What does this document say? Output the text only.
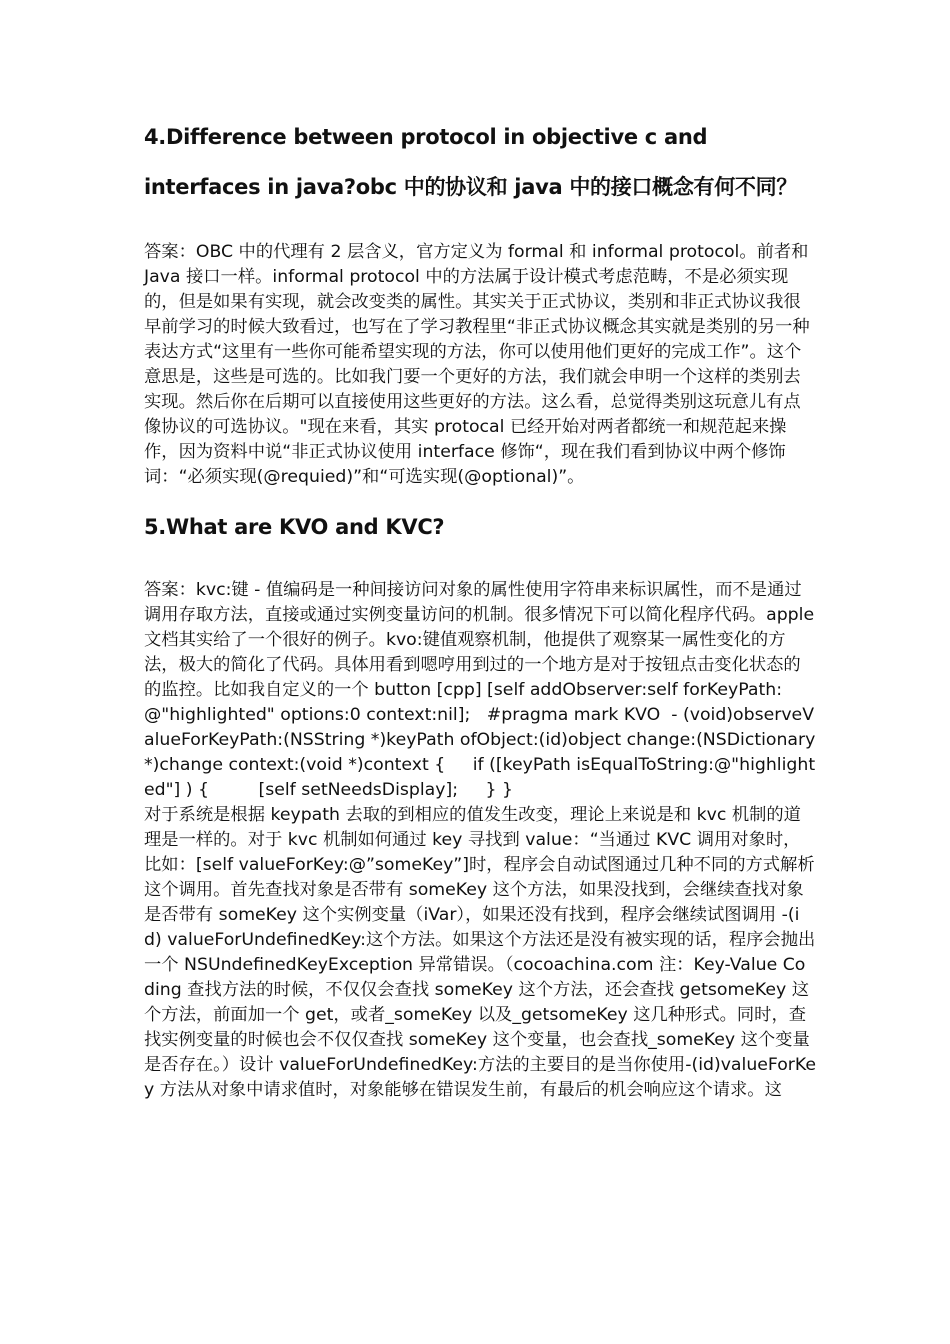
4.Difference between protocol in objective c and interfaces in java?obc 中的协议和 java 中的接口概念有何不同？

答案：OBC 中的代理有 2 层含义，官方定义为 formal 和 informal protocol。前者和 Java 接口一样。informal protocol 中的方法属于设计模式考虑范畴，不是必须实现的，但是如果有实现，就会改变类的属性。其实关于正式协议，类别和非正式协议我很早前学习的时候大致看过，也写在了学习教程里“非正式协议概念其实就是类别的另一种表达方式“这里有一些你可能希望实现的方法，你可以使用他们更好的完成工作”。这个意思是，这些是可选的。比如我门要一个更好的方法，我们就会申明一个这样的类别去实现。然后你在后期可以直接使用这些更好的方法。这么看，总觉得类别这玩意儿有点像协议的可选协议。"现在来看，其实 protocal 已经开始对两者都统一和规范起来操作，因为资料中说“非正式协议使用 interface 修饰“，现在我们看到协议中两个修饰词：“必须实现(@requied)”和“可选实现(@optional)”。

5.What are KVO and KVC?

答案：kvc:键 - 值编码是一种间接访问对象的属性使用字符串来标识属性，而不是通过调用存取方法，直接或通过实例变量访问的机制。很多情况下可以简化程序代码。apple 文档其实给了一个很好的例子。kvo:键值观察机制，他提供了观察某一属性变化的方法，极大的简化了代码。具体用看到嗯哼用到过的一个地方是对于按钮点击变化状态的的监控。比如我自定义的一个 button [cpp] [self addObserver:self forKeyPath:@"highlighted" options:0 context:nil];   #pragma mark KVO  - (void)observeValueForKeyPath:(NSString *)keyPath ofObject:(id)object change:(NSDictionary *)change context:(void *)context {     if ([keyPath isEqualToString:@"highlighted"] ) {         [self setNeedsDisplay];     } }

对于系统是根据 keypath 去取的到相应的值发生改变，理论上来说是和 kvc 机制的道理是一样的。对于 kvc 机制如何通过 key 寻找到 value：“当通过 KVC 调用对象时，比如：[self valueForKey:@”someKey”]时，程序会自动试图通过几种不同的方式解析这个调用。首先查找对象是否带有 someKey 这个方法，如果没找到，会继续查找对象是否带有 someKey 这个实例变量（iVar），如果还没有找到，程序会继续试图调用 -(id) valueForUndefinedKey:这个方法。如果这个方法还是没有被实现的话，程序会抛出一个 NSUndefinedKeyException 异常错误。（cocoachina.com 注：Key-Value Coding 查找方法的时候，不仅仅会查找 someKey 这个方法，还会查找 getsomeKey 这个方法，前面加一个 get，或者_someKey 以及_getsomeKey 这几种形式。同时，查找实例变量的时候也会不仅仅查找 someKey 这个变量，也会查找_someKey 这个变量是否存在。）设计 valueForUndefinedKey:方法的主要目的是当你使用-(id)valueForKey 方法从对象中请求值时，对象能够在错误发生前，有最后的机会响应这个请求。这
